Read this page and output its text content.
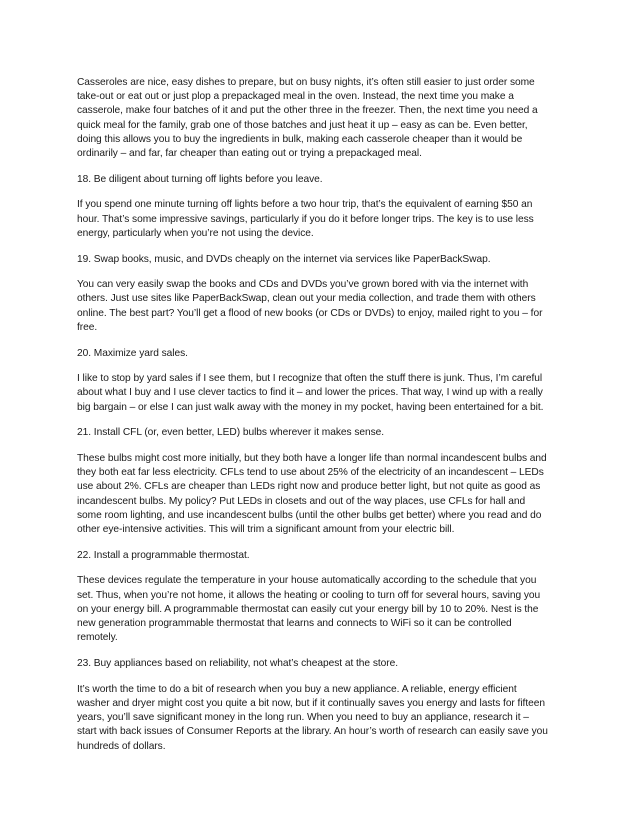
Casseroles are nice, easy dishes to prepare, but on busy nights, it’s often still easier to just order some take-out or eat out or just plop a prepackaged meal in the oven. Instead, the next time you make a casserole, make four batches of it and put the other three in the freezer. Then, the next time you need a quick meal for the family, grab one of those batches and just heat it up – easy as can be. Even better, doing this allows you to buy the ingredients in bulk, making each casserole cheaper than it would be ordinarily – and far, far cheaper than eating out or trying a prepackaged meal.

18. Be diligent about turning off lights before you leave.

If you spend one minute turning off lights before a two hour trip, that’s the equivalent of earning $50 an hour. That’s some impressive savings, particularly if you do it before longer trips. The key is to use less energy, particularly when you’re not using the device.

19. Swap books, music, and DVDs cheaply on the internet via services like PaperBackSwap.

You can very easily swap the books and CDs and DVDs you’ve grown bored with via the internet with others. Just use sites like PaperBackSwap, clean out your media collection, and trade them with others online. The best part? You’ll get a flood of new books (or CDs or DVDs) to enjoy, mailed right to you – for free.

20. Maximize yard sales.

I like to stop by yard sales if I see them, but I recognize that often the stuff there is junk. Thus, I’m careful about what I buy and I use clever tactics to find it – and lower the prices. That way, I wind up with a really big bargain – or else I can just walk away with the money in my pocket, having been entertained for a bit.

21. Install CFL (or, even better, LED) bulbs wherever it makes sense.

These bulbs might cost more initially, but they both have a longer life than normal incandescent bulbs and they both eat far less electricity. CFLs tend to use about 25% of the electricity of an incandescent – LEDs use about 2%. CFLs are cheaper than LEDs right now and produce better light, but not quite as good as incandescent bulbs. My policy? Put LEDs in closets and out of the way places, use CFLs for hall and some room lighting, and use incandescent bulbs (until the other bulbs get better) where you read and do other eye-intensive activities. This will trim a significant amount from your electric bill.

22. Install a programmable thermostat.

These devices regulate the temperature in your house automatically according to the schedule that you set. Thus, when you’re not home, it allows the heating or cooling to turn off for several hours, saving you on your energy bill. A programmable thermostat can easily cut your energy bill by 10 to 20%. Nest is the new generation programmable thermostat that learns and connects to WiFi so it can be controlled remotely.

23. Buy appliances based on reliability, not what’s cheapest at the store.

It’s worth the time to do a bit of research when you buy a new appliance. A reliable, energy efficient washer and dryer might cost you quite a bit now, but if it continually saves you energy and lasts for fifteen years, you’ll save significant money in the long run. When you need to buy an appliance, research it – start with back issues of Consumer Reports at the library. An hour’s worth of research can easily save you hundreds of dollars.
